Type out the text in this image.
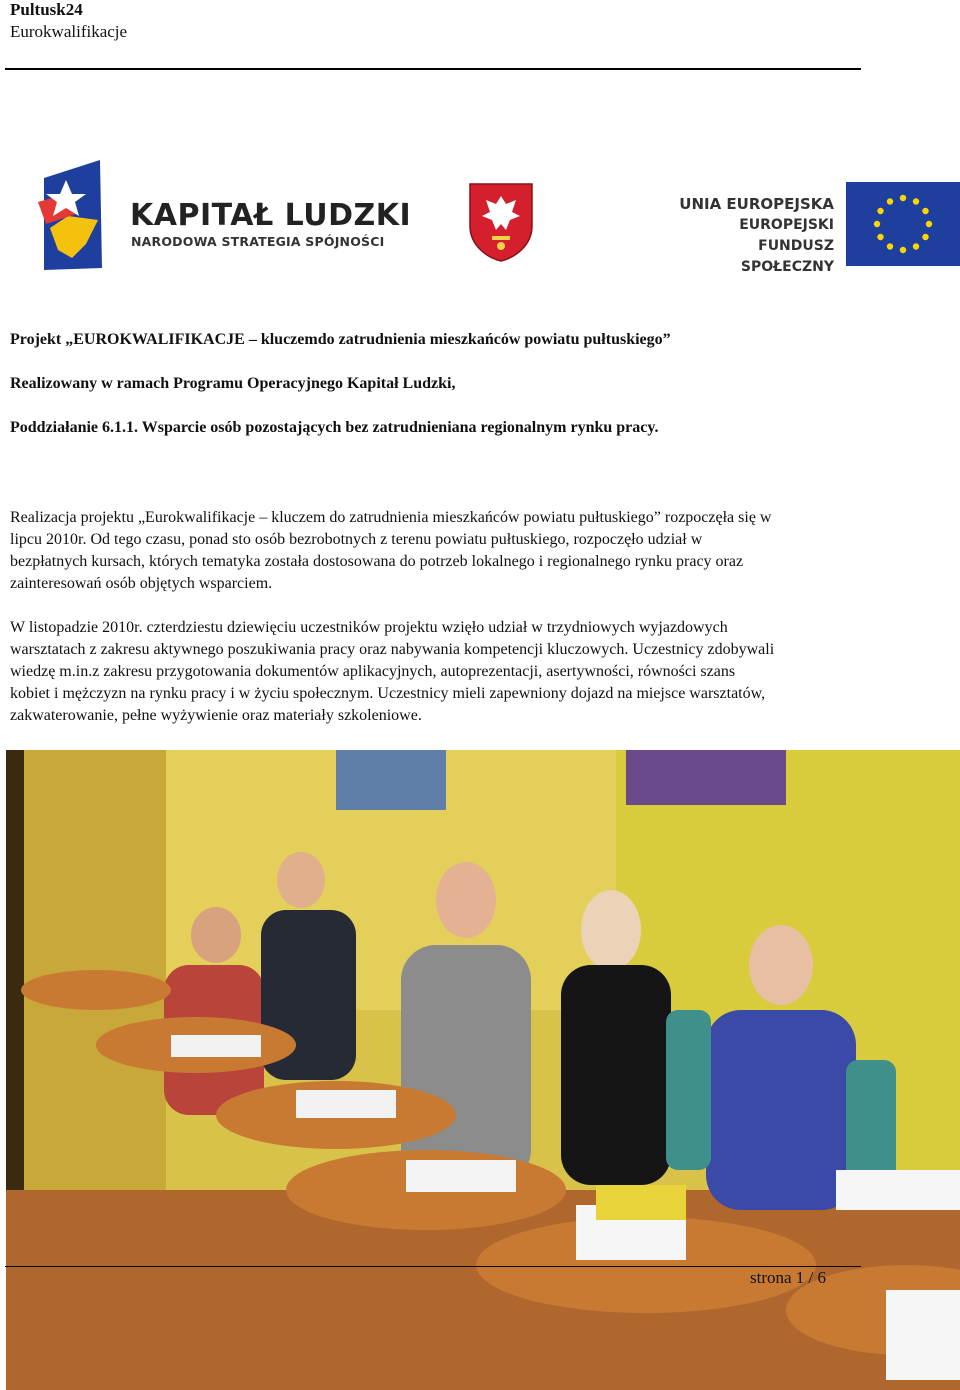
Pultusk24
Eurokwalifikacje
KAPITAŁ LUDZKI
NARODOWA STRATEGIA SPÓJNOŚCI
UNIA EUROPEJSKA
EUROPEJSKI
FUNDUSZ SPOŁECZNY
Projekt „EUROKWALIFIKACJE – kluczemdo zatrudnienia mieszkańców powiatu pułtuskiego”
Realizowany w ramach Programu Operacyjnego Kapitał Ludzki,
Poddziałanie 6.1.1. Wsparcie osób pozostających bez zatrudnieniana regionalnym rynku pracy.
Realizacja projektu „Eurokwalifikacje – kluczem do zatrudnienia mieszkańców powiatu pułtuskiego” rozpoczęła się w
lipcu 2010r. Od tego czasu, ponad sto osób bezrobotnych z terenu powiatu pułtuskiego, rozpoczęło udział w
bezpłatnych kursach, których tematyka została dostosowana do potrzeb lokalnego i regionalnego rynku pracy oraz
zainteresowań osób objętych wsparciem.
W listopadzie 2010r. czterdziestu dziewięciu uczestników projektu wzięło udział w trzydniowych wyjazdowych
warsztatach z zakresu aktywnego poszukiwania pracy oraz nabywania kompetencji kluczowych. Uczestnicy zdobywali
wiedzę m.in.z zakresu przygotowania dokumentów aplikacyjnych, autoprezentacji, asertywności, równości szans
kobiet i mężczyzn na rynku pracy i w życiu społecznym. Uczestnicy mieli zapewniony dojazd na miejsce warsztatów,
zakwaterowanie, pełne wyżywienie oraz materiały szkoleniowe.
strona 1 / 6
